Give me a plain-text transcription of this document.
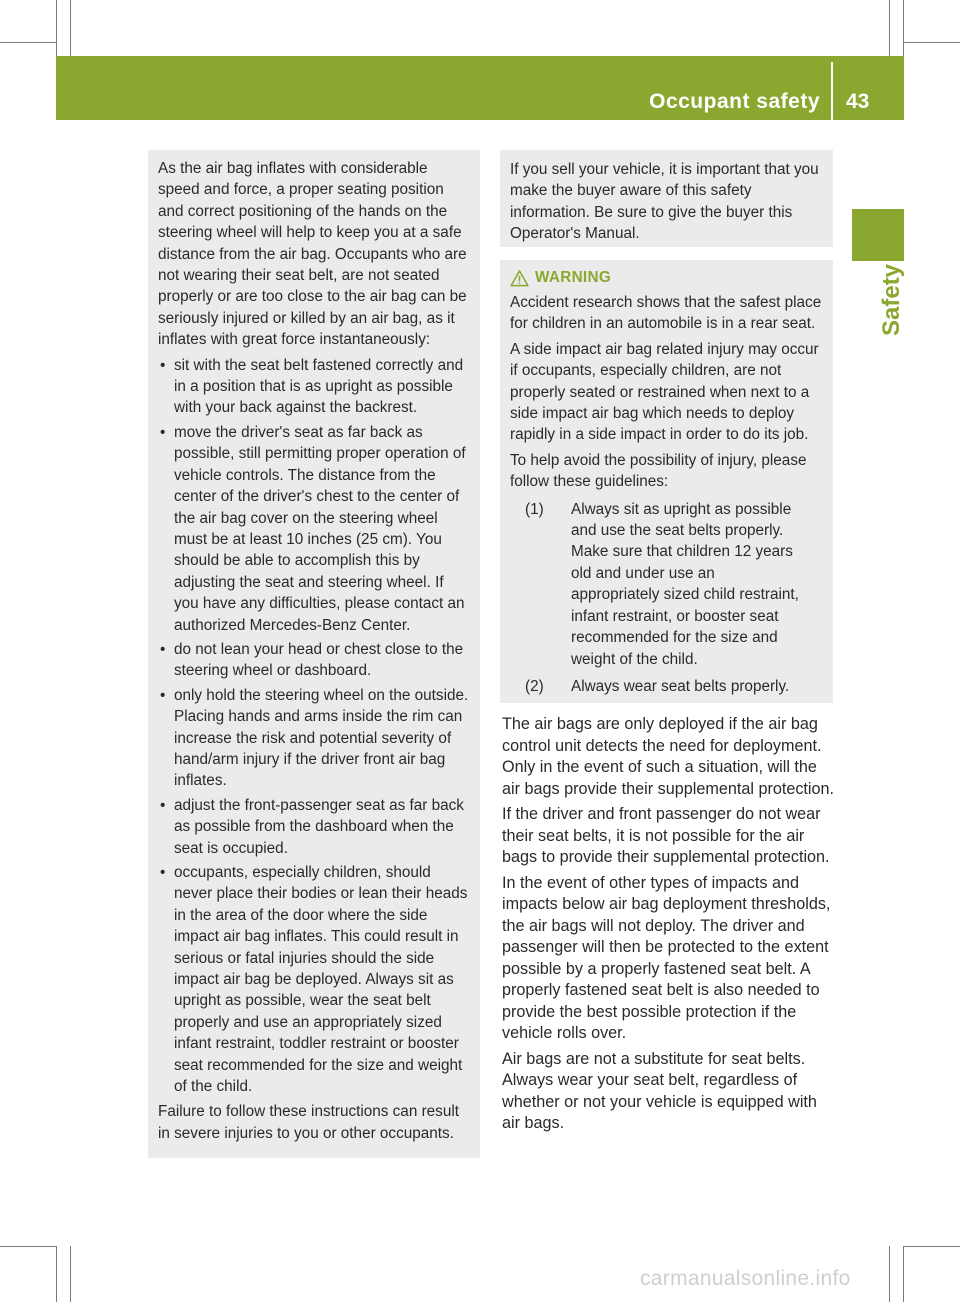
Occupant safety 43
Safety

As the air bag inflates with considerable speed and force, a proper seating position and correct positioning of the hands on the steering wheel will help to keep you at a safe distance from the air bag. Occupants who are not wearing their seat belt, are not seated properly or are too close to the air bag can be seriously injured or killed by an air bag, as it inflates with great force instantaneously:

• sit with the seat belt fastened correctly and in a position that is as upright as possible with your back against the backrest.
• move the driver's seat as far back as possible, still permitting proper operation of vehicle controls. The distance from the center of the driver's chest to the center of the air bag cover on the steering wheel must be at least 10 inches (25 cm). You should be able to accomplish this by adjusting the seat and steering wheel. If you have any difficulties, please contact an authorized Mercedes-Benz Center.
• do not lean your head or chest close to the steering wheel or dashboard.
• only hold the steering wheel on the outside. Placing hands and arms inside the rim can increase the risk and potential severity of hand/arm injury if the driver front air bag inflates.
• adjust the front-passenger seat as far back as possible from the dashboard when the seat is occupied.
• occupants, especially children, should never place their bodies or lean their heads in the area of the door where the side impact air bag inflates. This could result in serious or fatal injuries should the side impact air bag be deployed. Always sit as upright as possible, wear the seat belt properly and use an appropriately sized infant restraint, toddler restraint or booster seat recommended for the size and weight of the child.

Failure to follow these instructions can result in severe injuries to you or other occupants.

If you sell your vehicle, it is important that you make the buyer aware of this safety information. Be sure to give the buyer this Operator's Manual.

WARNING

Accident research shows that the safest place for children in an automobile is in a rear seat.

A side impact air bag related injury may occur if occupants, especially children, are not properly seated or restrained when next to a side impact air bag which needs to deploy rapidly in a side impact in order to do its job.

To help avoid the possibility of injury, please follow these guidelines:

(1)	Always sit as upright as possible and use the seat belts properly. Make sure that children 12 years old and under use an appropriately sized child restraint, infant restraint, or booster seat recommended for the size and weight of the child.
(2)	Always wear seat belts properly.

The air bags are only deployed if the air bag control unit detects the need for deployment. Only in the event of such a situation, will the air bags provide their supplemental protection.

If the driver and front passenger do not wear their seat belts, it is not possible for the air bags to provide their supplemental protection.

In the event of other types of impacts and impacts below air bag deployment thresholds, the air bags will not deploy. The driver and passenger will then be protected to the extent possible by a properly fastened seat belt. A properly fastened seat belt is also needed to provide the best possible protection if the vehicle rolls over.

Air bags are not a substitute for seat belts. Always wear your seat belt, regardless of whether or not your vehicle is equipped with air bags.

carmanualsonline.info
